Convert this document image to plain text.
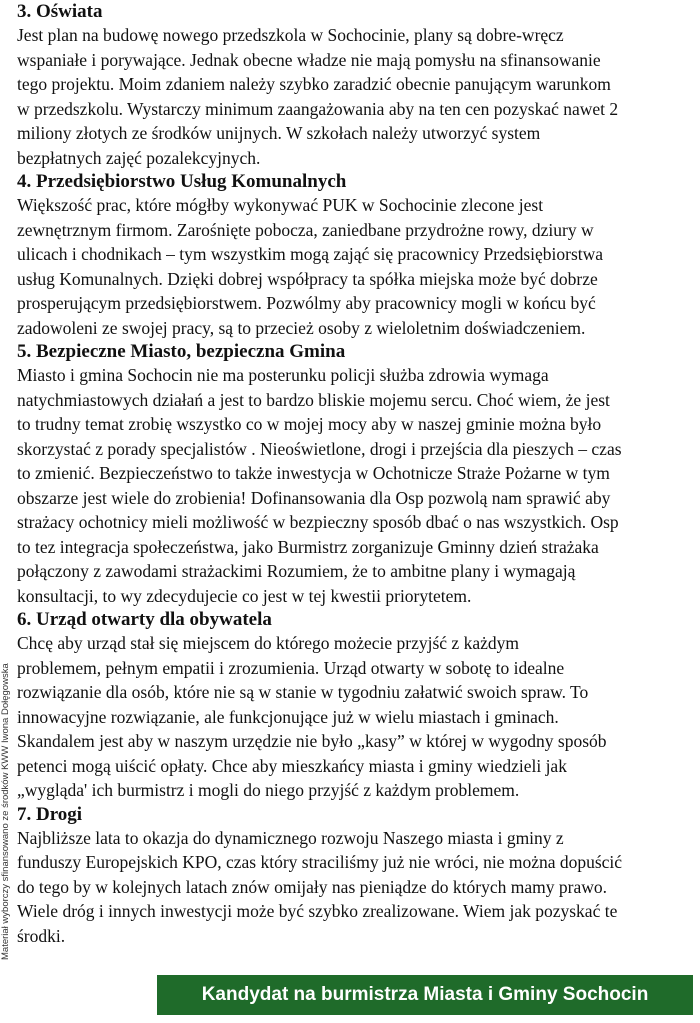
3. Oświata

Jest plan na budowę nowego przedszkola w Sochocinie, plany są dobre-wręcz
wspaniałe i porywające. Jednak obecne władze nie mają pomysłu na sfinansowanie
tego projektu. Moim zdaniem należy szybko zaradzić obecnie panującym warunkom
w przedszkolu. Wystarczy minimum zaangażowania aby na ten cen pozyskać nawet 2
miliony złotych ze środków unijnych. W szkołach należy utworzyć system
bezpłatnych zajęć pozalekcyjnych.

4. Przedsiębiorstwo Usług Komunalnych

Większość prac, które mógłby wykonywać PUK w Sochocinie zlecone jest
zewnętrznym firmom. Zarośnięte pobocza, zaniedbane przydrożne rowy, dziury w
ulicach i chodnikach – tym wszystkim mogą zająć się pracownicy Przedsiębiorstwa
usług Komunalnych. Dzięki dobrej współpracy ta spółka miejska może być dobrze
prosperującym przedsiębiorstwem. Pozwólmy aby pracownicy mogli w końcu być
zadowoleni ze swojej pracy, są to przecież osoby z wieloletnim doświadczeniem.

5. Bezpieczne Miasto, bezpieczna Gmina

Miasto i gmina Sochocin nie ma posterunku policji służba zdrowia wymaga
natychmiastowych działań a jest to bardzo bliskie mojemu sercu. Choć wiem, że jest
to trudny temat zrobię wszystko co w mojej mocy aby w naszej gminie można było
skorzystać z porady specjalistów . Nieoświetlone, drogi i przejścia dla pieszych – czas
to zmienić. Bezpieczeństwo to także inwestycja w Ochotnicze Straże Pożarne w tym
obszarze jest wiele do zrobienia! Dofinansowania dla Osp pozwolą nam sprawić aby
strażacy ochotnicy mieli możliwość w bezpieczny sposób dbać o nas wszystkich. Osp
to tez integracja społeczeństwa, jako Burmistrz zorganizuje Gminny dzień strażaka
połączony z zawodami strażackimi Rozumiem, że to ambitne plany i wymagają
konsultacji, to wy zdecydujecie co jest w tej kwestii priorytetem.

6. Urząd otwarty dla obywatela

Chcę aby urząd stał się miejscem do którego możecie przyjść z każdym
problemem, pełnym empatii i zrozumienia. Urząd otwarty w sobotę to idealne
rozwiązanie dla osób, które nie są w stanie w tygodniu załatwić swoich spraw. To
innowacyjne rozwiązanie, ale funkcjonujące już w wielu miastach i gminach.
Skandalem jest aby w naszym urzędzie nie było „kasy” w której w wygodny sposób
petenci mogą uiścić opłaty. Chce aby mieszkańcy miasta i gminy wiedzieli jak
„wygląda' ich burmistrz i mogli do niego przyjść z każdym problemem.

7. Drogi

Najbliższe lata to okazja do dynamicznego rozwoju Naszego miasta i gminy z
funduszy Europejskich KPO, czas który straciliśmy już nie wróci, nie można dopuścić
do tego by w kolejnych latach znów omijały nas pieniądze do których mamy prawo.
Wiele dróg i innych inwestycji może być szybko zrealizowane. Wiem jak pozyskać te
środki.

Materiał wyborczy sfinansowano ze środków KWW Iwona Dołęgowska
Kandydat na burmistrza Miasta i Gminy Sochocin
